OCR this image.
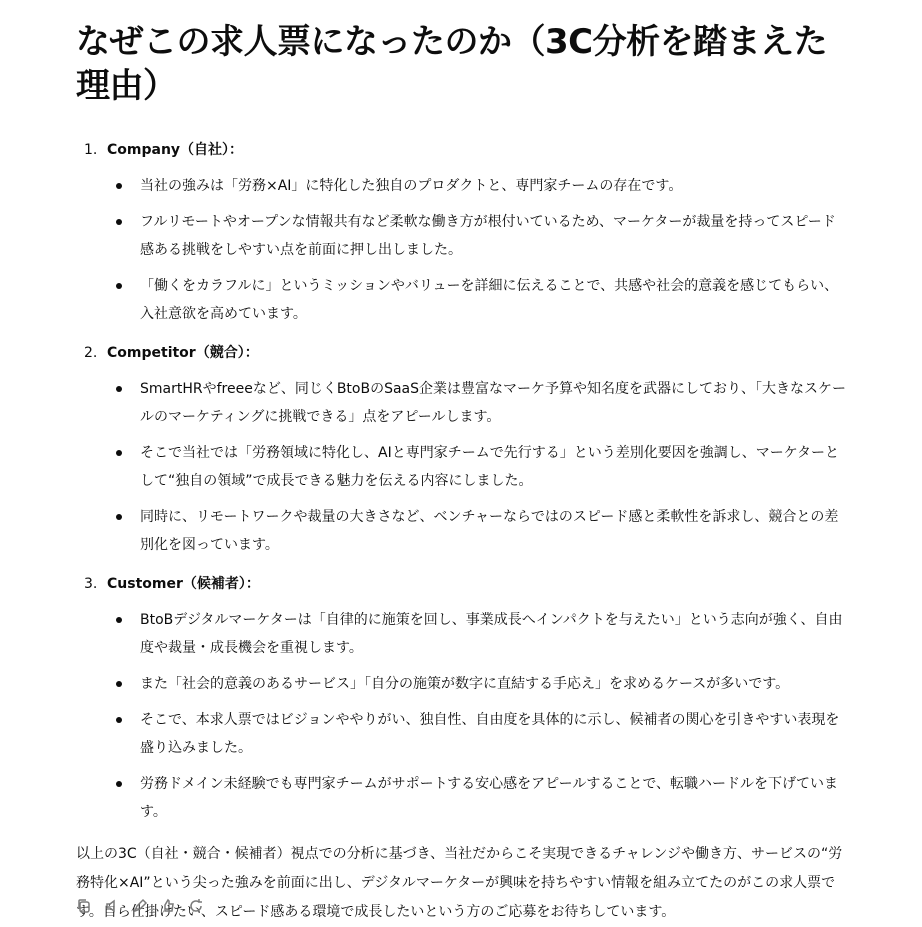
なぜこの求人票になったのか（3C分析を踏まえた理由）
1. Company（自社）：
当社の強みは「労務×AI」に特化した独自のプロダクトと、専門家チームの存在です。
フルリモートやオープンな情報共有など柔軟な働き方が根付いているため、マーケターが裁量を持ってスピード感ある挑戦をしやすい点を前面に押し出しました。
「働くをカラフルに」というミッションやバリューを詳細に伝えることで、共感や社会的意義を感じてもらい、入社意欲を高めています。
2. Competitor（競合）：
SmartHRやfreeeなど、同じくBtoBのSaaS企業は豊富なマーケ予算や知名度を武器にしており、「大きなスケールのマーケティングに挑戦できる」点をアピールします。
そこで当社では「労務領域に特化し、AIと専門家チームで先行する」という差別化要因を強調し、マーケターとして“独自の領域”で成長できる魅力を伝える内容にしました。
同時に、リモートワークや裁量の大きさなど、ベンチャーならではのスピード感と柔軟性を訴求し、競合との差別化を図っています。
3. Customer（候補者）：
BtoBデジタルマーケターは「自律的に施策を回し、事業成長へインパクトを与えたい」という志向が強く、自由度や裁量・成長機会を重視します。
また「社会的意義のあるサービス」「自分の施策が数字に直結する手応え」を求めるケースが多いです。
そこで、本求人票ではビジョンややりがい、独自性、自由度を具体的に示し、候補者の関心を引きやすい表現を盛り込みました。
労務ドメイン未経験でも専門家チームがサポートする安心感をアピールすることで、転職ハードルを下げています。

以上の3C（自社・競合・候補者）視点での分析に基づき、当社だからこそ実現できるチャレンジや働き方、サービスの“労務特化×AI”という尖った強みを前面に出し、デジタルマーケターが興味を持ちやすい情報を組み立てたのがこの求人票です。自ら仕掛けたい、スピード感ある環境で成長したいという方のご応募をお待ちしています。
